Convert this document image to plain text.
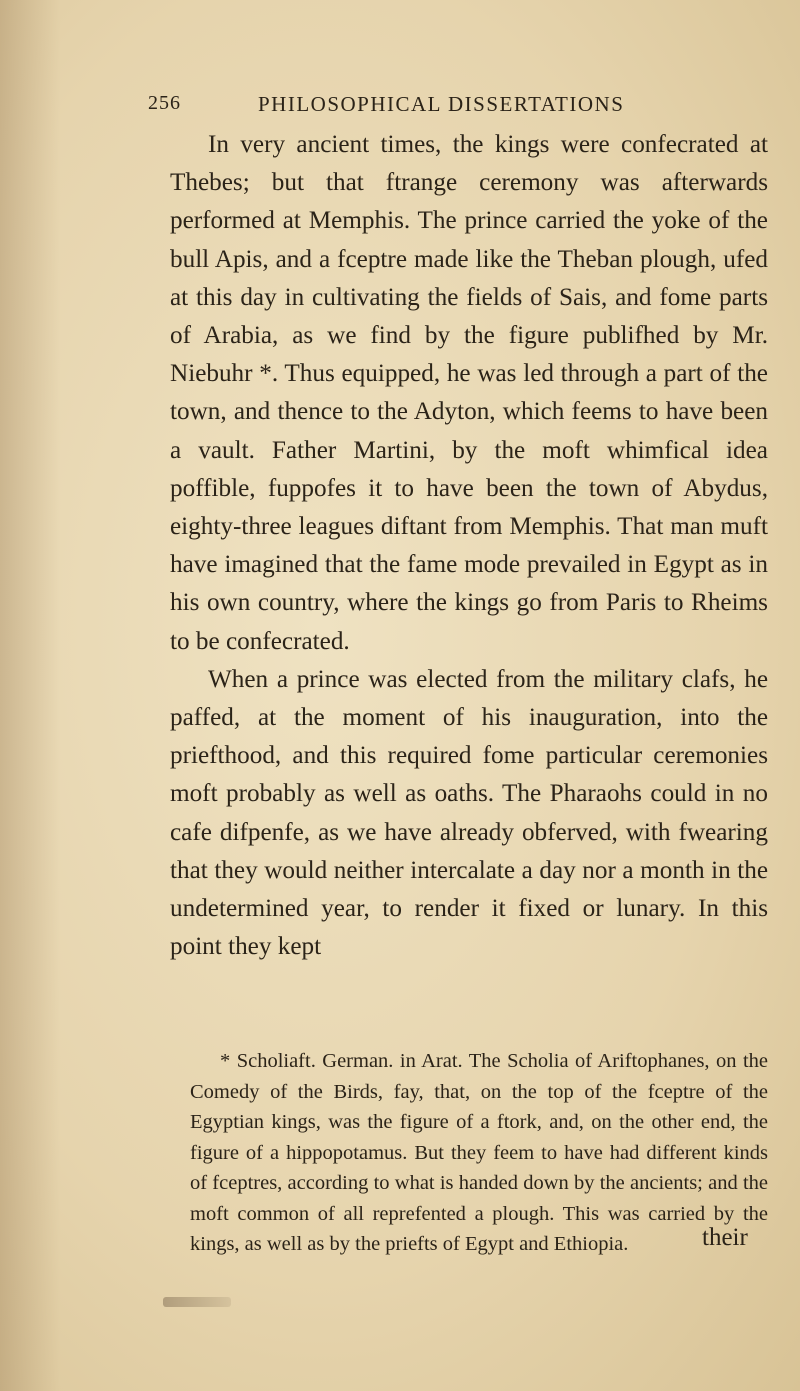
256	PHILOSOPHICAL DISSERTATIONS

In very ancient times, the kings were confecrated at Thebes; but that ftrange ceremony was afterwards performed at Memphis. The prince carried the yoke of the bull Apis, and a fceptre made like the Theban plough, ufed at this day in cultivating the fields of Sais, and fome parts of Arabia, as we find by the figure publifhed by Mr. Niebuhr *. Thus equipped, he was led through a part of the town, and thence to the Adyton, which feems to have been a vault. Father Martini, by the moft whimfical idea poffible, fuppofes it to have been the town of Abydus, eighty-three leagues diftant from Memphis. That man muft have imagined that the fame mode prevailed in Egypt as in his own country, where the kings go from Paris to Rheims to be confecrated.

When a prince was elected from the military clafs, he paffed, at the moment of his inauguration, into the priefthood, and this required fome particular ceremonies moft probably as well as oaths. The Pharaohs could in no cafe difpenfe, as we have already obferved, with fwearing that they would neither intercalate a day nor a month in the undetermined year, to render it fixed or lunary. In this point they kept

* Scholiaft. German. in Arat. The Scholia of Ariftophanes, on the Comedy of the Birds, fay, that, on the top of the fceptre of the Egyptian kings, was the figure of a ftork, and, on the other end, the figure of a hippopotamus. But they feem to have had different kinds of fceptres, according to what is handed down by the ancients; and the moft common of all reprefented a plough. This was carried by the kings, as well as by the priefts of Egypt and Ethiopia.	their
